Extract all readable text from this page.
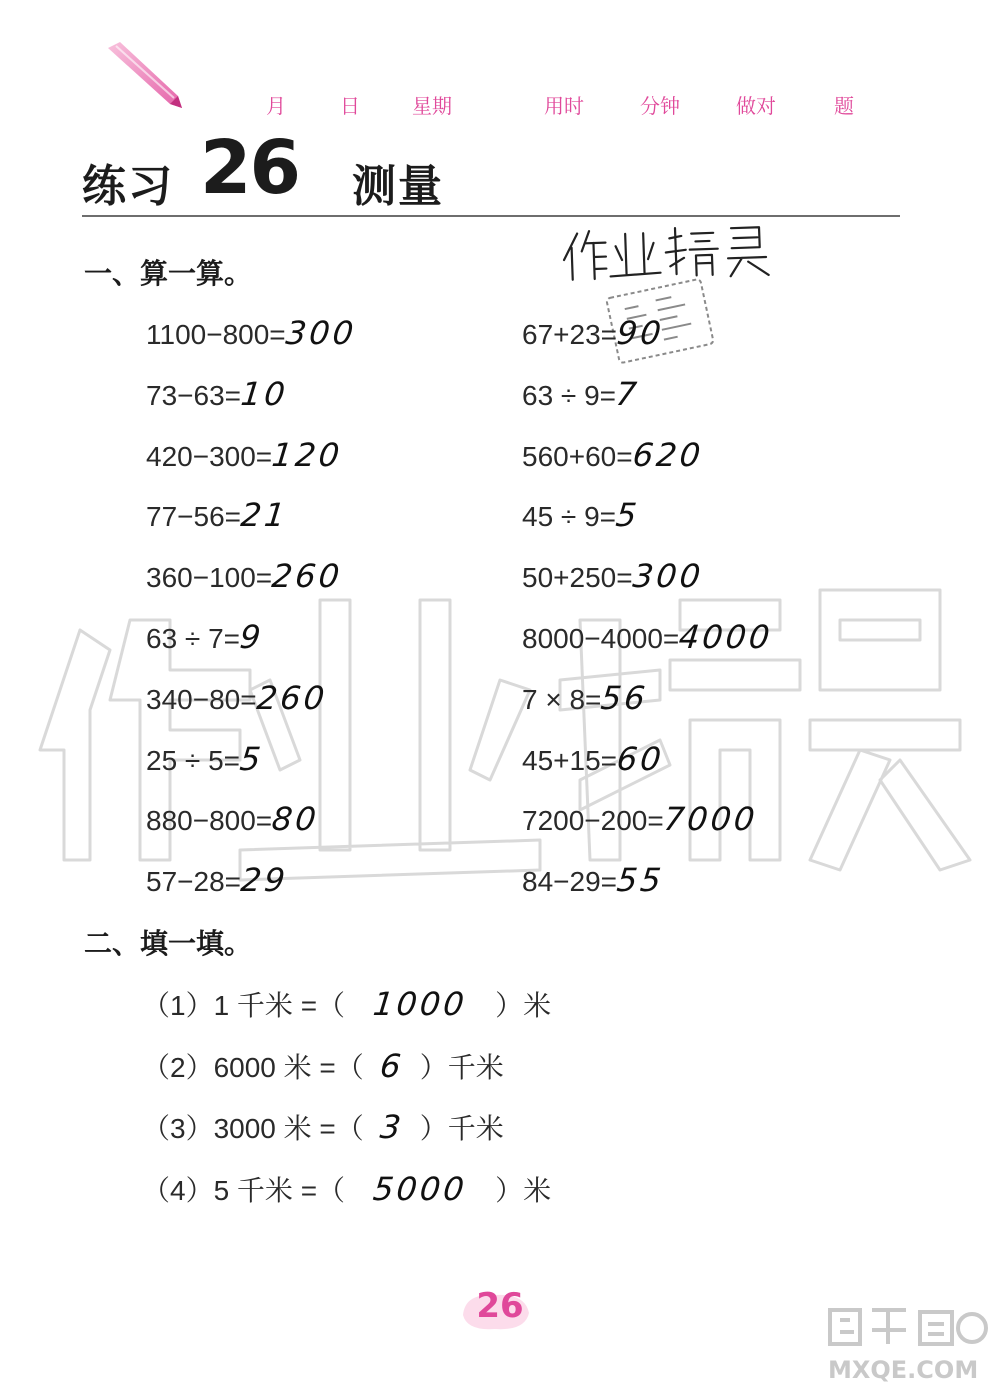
月	日	星期	用时	分钟	做对	题
练习 26 测量
一、算一算。
1100−800=300
73−63=10
420−300=120
77−56=21
360−100=260
63 ÷ 7=9
340−80=260
25 ÷ 5=5
880−800=80
57−28=29
67+23=90
63 ÷ 9=7
560+60=620
45 ÷ 9=5
50+250=300
8000−4000=4000
7 × 8=56
45+15=60
7200−200=7000
84−29=55
二、填一填。
（1）1 千米 =（ 1000 ）米
（2）6000 米 =（ 6 ）千米
（3）3000 米 =（ 3 ）千米
（4）5 千米 =（ 5000 ）米
26
MXQE.COM
